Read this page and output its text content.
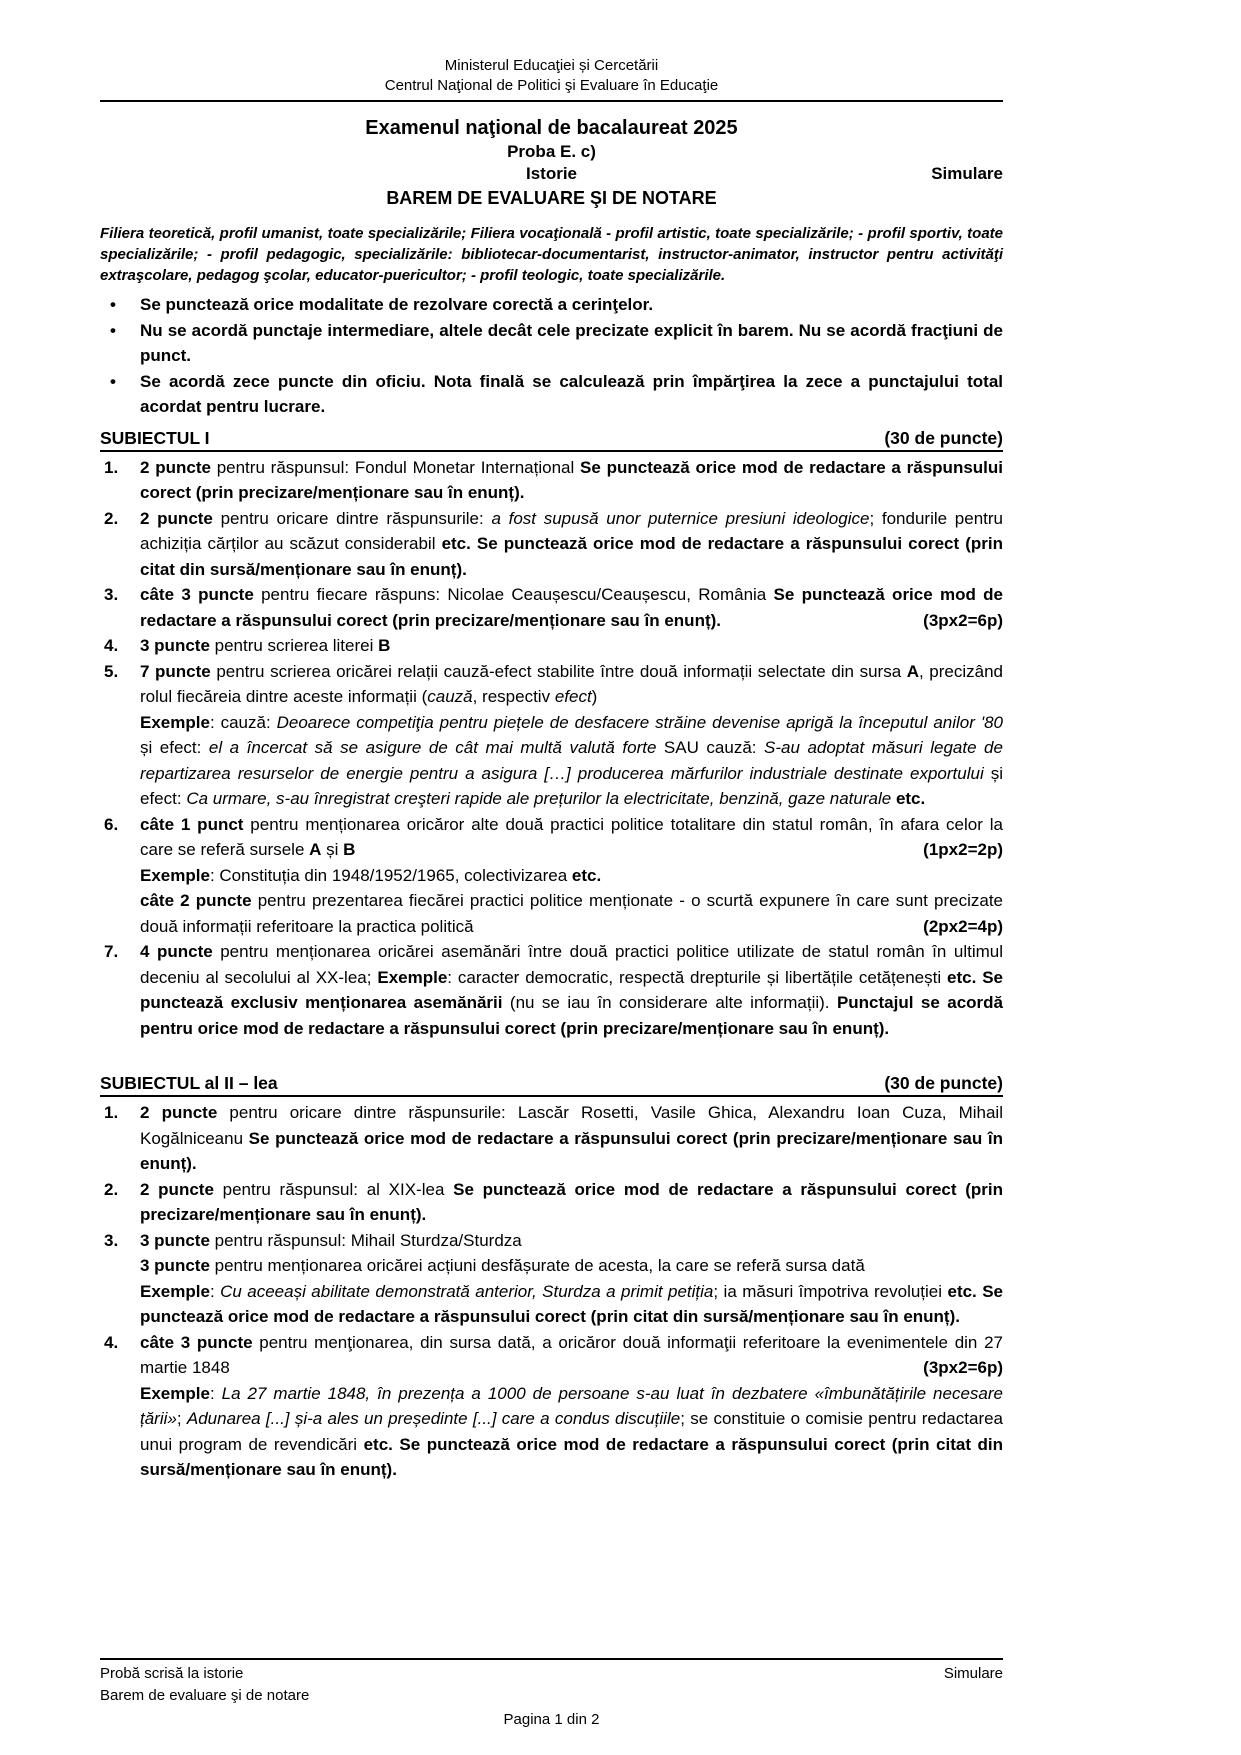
Ministerul Educaţiei și Cercetării
Centrul Naţional de Politici şi Evaluare în Educaţie
Examenul naţional de bacalaureat 2025
Proba E. c)
Istorie	Simulare
BAREM DE EVALUARE ŞI DE NOTARE

Filiera teoretică, profil umanist, toate specializările; Filiera vocaţională - profil artistic, toate specializările; - profil sportiv, toate specializările; - profil pedagogic, specializările: bibliotecar-documentarist, instructor-animator, instructor pentru activităţi extraşcolare, pedagog şcolar, educator-puericultor; - profil teologic, toate specializările.

•	Se punctează orice modalitate de rezolvare corectă a cerinţelor.
•	Nu se acordă punctaje intermediare, altele decât cele precizate explicit în barem. Nu se acordă fracţiuni de punct.
•	Se acordă zece puncte din oficiu. Nota finală se calculează prin împărţirea la zece a punctajului total acordat pentru lucrare.
SUBIECTUL I	(30 de puncte)
1.	2 puncte pentru răspunsul: Fondul Monetar Internațional Se punctează orice mod de redactare a răspunsului corect (prin precizare/menționare sau în enunț).
2.	2 puncte pentru oricare dintre răspunsurile: a fost supusă unor puternice presiuni ideologice; fondurile pentru achiziția cărților au scăzut considerabil etc. Se punctează orice mod de redactare a răspunsului corect (prin citat din sursă/menționare sau în enunț).
3.	câte 3 puncte pentru fiecare răspuns: Nicolae Ceaușescu/Ceaușescu, România Se punctează orice mod de redactare a răspunsului corect (prin precizare/menționare sau în enunț).	(3px2=6p)
4.	3 puncte pentru scrierea literei B
5.	7 puncte pentru scrierea oricărei relații cauză-efect stabilite între două informații selectate din sursa A, precizând rolul fiecăreia dintre aceste informații (cauză, respectiv efect)
Exemple: cauză: Deoarece competiţia pentru piețele de desfacere străine devenise aprigă la începutul anilor '80 și efect: el a încercat să se asigure de cât mai multă valută forte SAU cauză: S-au adoptat măsuri legate de repartizarea resurselor de energie pentru a asigura […] producerea mărfurilor industriale destinate exportului și efect: Ca urmare, s-au înregistrat creşteri rapide ale prețurilor la electricitate, benzină, gaze naturale etc.
6.	câte 1 punct pentru menționarea oricăror alte două practici politice totalitare din statul român, în afara celor la care se referă sursele A și B	(1px2=2p)
Exemple: Constituția din 1948/1952/1965, colectivizarea etc.
câte 2 puncte pentru prezentarea fiecărei practici politice menționate - o scurtă expunere în care sunt precizate două informații referitoare la practica politică	(2px2=4p)
7.	4 puncte pentru menționarea oricărei asemănări între două practici politice utilizate de statul român în ultimul deceniu al secolului al XX-lea; Exemple: caracter democratic, respectă drepturile și libertățile cetățenești etc. Se punctează exclusiv menționarea asemănării (nu se iau în considerare alte informații). Punctajul se acordă pentru orice mod de redactare a răspunsului corect (prin precizare/menționare sau în enunț).
SUBIECTUL al II – lea	(30 de puncte)
1.	2 puncte pentru oricare dintre răspunsurile: Lascăr Rosetti, Vasile Ghica, Alexandru Ioan Cuza, Mihail Kogălniceanu Se punctează orice mod de redactare a răspunsului corect (prin precizare/menționare sau în enunț).
2.	2 puncte pentru răspunsul: al XIX-lea Se punctează orice mod de redactare a răspunsului corect (prin precizare/menționare sau în enunț).
3.	3 puncte pentru răspunsul: Mihail Sturdza/Sturdza
3 puncte pentru menționarea oricărei acțiuni desfășurate de acesta, la care se referă sursa dată
Exemple: Cu aceeași abilitate demonstrată anterior, Sturdza a primit petiția; ia măsuri împotriva revoluției etc. Se punctează orice mod de redactare a răspunsului corect (prin citat din sursă/menționare sau în enunț).
4.	câte 3 puncte pentru menţionarea, din sursa dată, a oricăror două informaţii referitoare la evenimentele din 27 martie 1848	(3px2=6p)
Exemple: La 27 martie 1848, în prezența a 1000 de persoane s-au luat în dezbatere «îmbunătățirile necesare țării»; Adunarea [...] și-a ales un președinte [...] care a condus discuțiile; se constituie o comisie pentru redactarea unui program de revendicări etc. Se punctează orice mod de redactare a răspunsului corect (prin citat din sursă/menționare sau în enunț).
Probă scrisă la istorie
Barem de evaluare şi de notare
Simulare
Pagina 1 din 2
